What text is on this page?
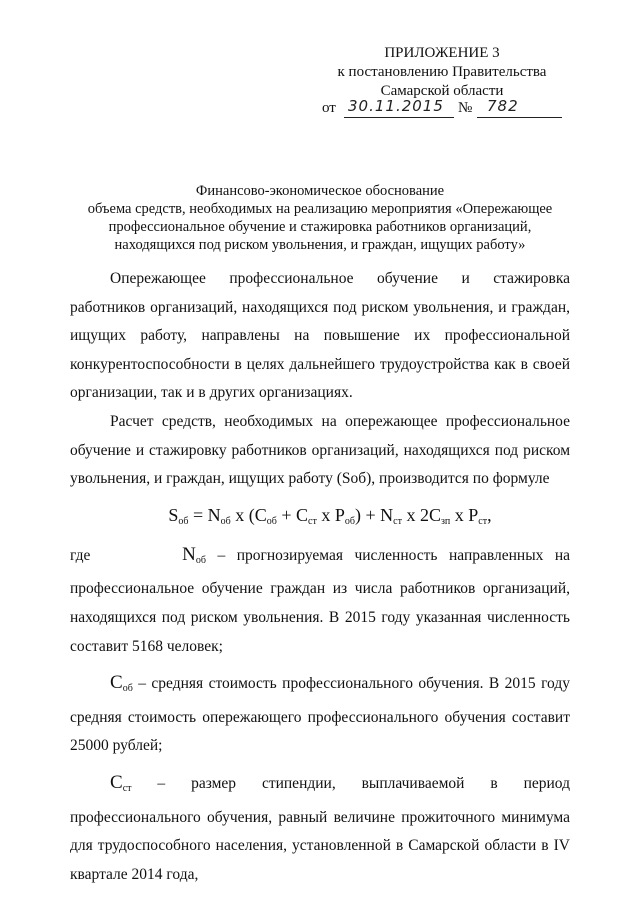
ПРИЛОЖЕНИЕ 3
к постановлению Правительства
Самарской области
от 30.11.2015 № 782
Финансово-экономическое обоснование
объема средств, необходимых на реализацию мероприятия «Опережающее
профессиональное обучение и стажировка работников организаций,
находящихся под риском увольнения, и граждан, ищущих работу»

Опережающее профессиональное обучение и стажировка работников организаций, находящихся под риском увольнения, и граждан, ищущих работу, направлены на повышение их профессиональной конкурентоспособности в целях дальнейшего трудоустройства как в своей организации, так и в других организациях.

Расчет средств, необходимых на опережающее профессиональное обучение и стажировку работников организаций, находящихся под риском увольнения, и граждан, ищущих работу (Sоб), производится по формуле

$S_{об} = N_{об}$ x ($C_{об} + C_{ст}$ x $P_{об}) + N_{ст}$ x $2C_{зп}$ x $P_{ст}$,

где	$N_{об}$ – прогнозируемая численность направленных на профессиональное обучение граждан из числа работников организаций, находящихся под риском увольнения. В 2015 году указанная численность составит 5168 человек;

$C_{об}$ – средняя стоимость профессионального обучения. В 2015 году средняя стоимость опережающего профессионального обучения составит 25000 рублей;

$C_{ст}$ – размер стипендии, выплачиваемой в период профессионального обучения, равный величине прожиточного минимума для трудоспособного населения, установленной в Самарской области в IV квартале 2014 года,
